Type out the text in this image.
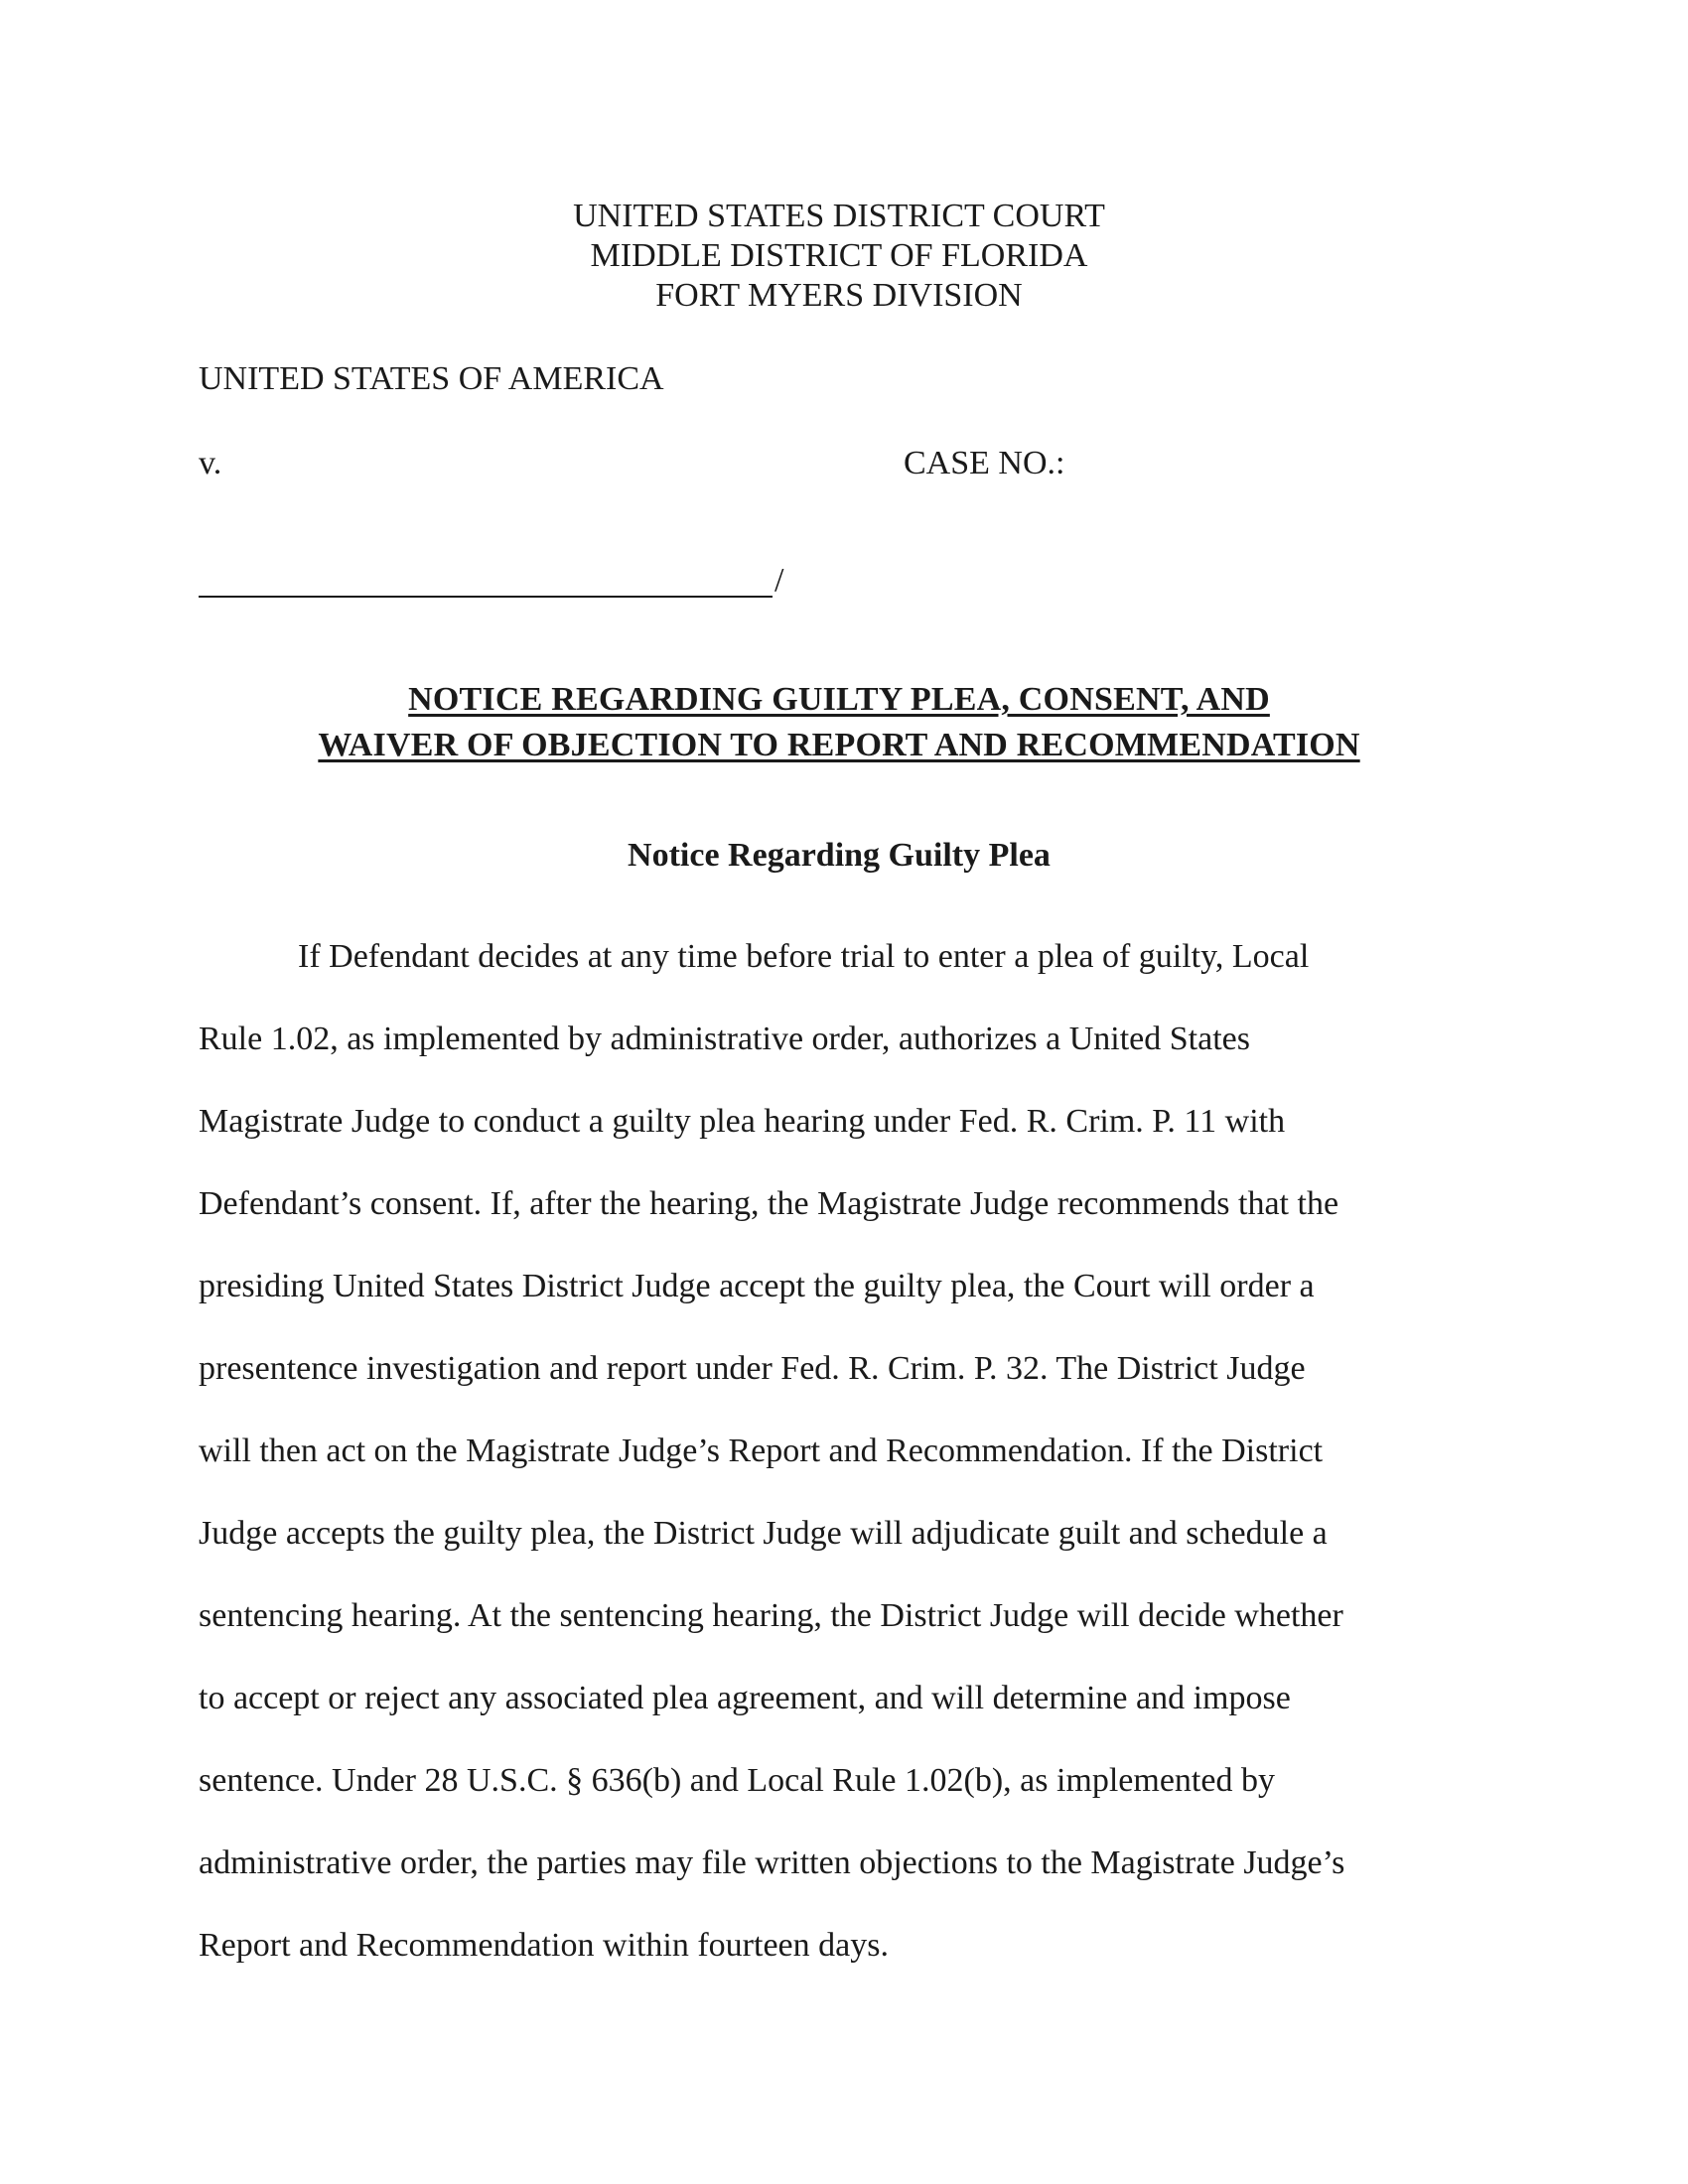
UNITED STATES DISTRICT COURT
MIDDLE DISTRICT OF FLORIDA
FORT MYERS DIVISION
UNITED STATES OF AMERICA
v.	CASE NO.:
/
NOTICE REGARDING GUILTY PLEA, CONSENT, AND
WAIVER OF OBJECTION TO REPORT AND RECOMMENDATION
Notice Regarding Guilty Plea
If Defendant decides at any time before trial to enter a plea of guilty, Local
Rule 1.02, as implemented by administrative order, authorizes a United States
Magistrate Judge to conduct a guilty plea hearing under Fed. R. Crim. P. 11 with
Defendant’s consent. If, after the hearing, the Magistrate Judge recommends that the
presiding United States District Judge accept the guilty plea, the Court will order a
presentence investigation and report under Fed. R. Crim. P. 32. The District Judge
will then act on the Magistrate Judge’s Report and Recommendation. If the District
Judge accepts the guilty plea, the District Judge will adjudicate guilt and schedule a
sentencing hearing. At the sentencing hearing, the District Judge will decide whether
to accept or reject any associated plea agreement, and will determine and impose
sentence. Under 28 U.S.C. § 636(b) and Local Rule 1.02(b), as implemented by
administrative order, the parties may file written objections to the Magistrate Judge’s
Report and Recommendation within fourteen days.
